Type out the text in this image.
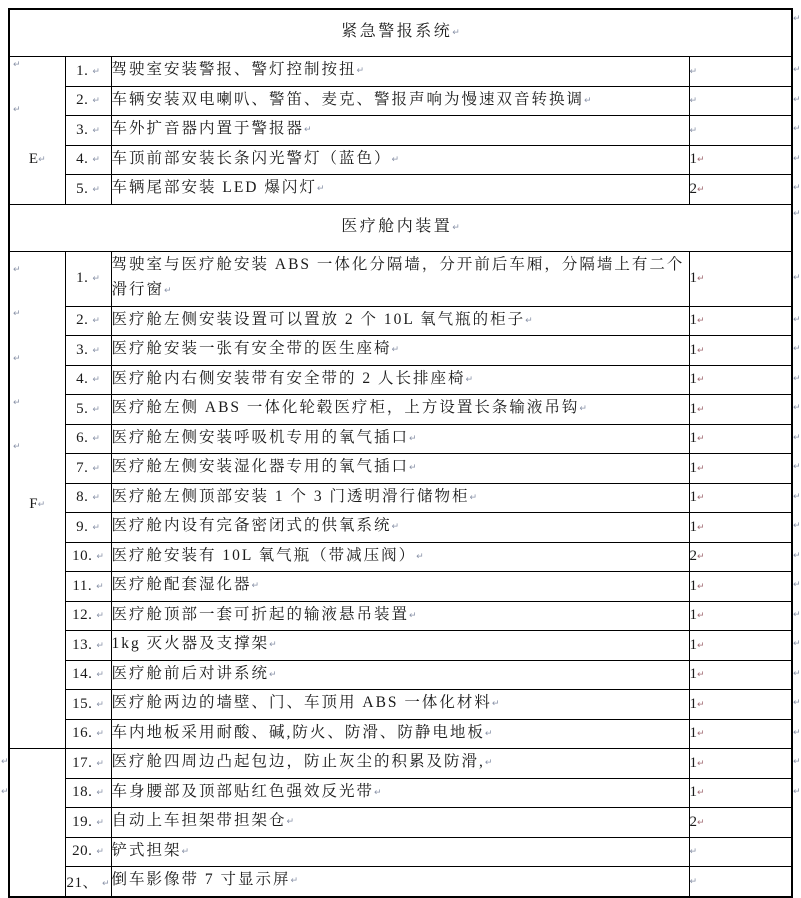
紧急警报系统↵			

↵
↵
E↵	1. ↵	驾驶室安装警报、警灯控制按扭↵	↵
	2. ↵	车辆安装双电喇叭、警笛、麦克、警报声响为慢速双音转换调↵	↵
	3. ↵	车外扩音器内置于警报器↵	↵
	4. ↵	车顶前部安装长条闪光警灯（蓝色）↵	1↵
	5. ↵	车辆尾部安装 LED 爆闪灯↵	2↵
医疗舱内装置↵			

↵
↵
↵
↵
↵
F↵
	1. ↵	驾驶室与医疗舱安装 ABS 一体化分隔墙，分开前后车厢，分隔墙上有二个滑行窗↵	1↵
	2. ↵	医疗舱左侧安装设置可以置放 2 个 10L 氧气瓶的柜子↵	1↵
	3. ↵	医疗舱安装一张有安全带的医生座椅↵	1↵
	4. ↵	医疗舱内右侧安装带有安全带的 2 人长排座椅↵	1↵
	5. ↵	医疗舱左侧 ABS 一体化轮毂医疗柜，上方设置长条输液吊钩↵	1↵
	6. ↵	医疗舱左侧安装呼吸机专用的氧气插口↵	1↵
	7. ↵	医疗舱左侧安装湿化器专用的氧气插口↵	1↵
	8. ↵	医疗舱左侧顶部安装 1 个 3 门透明滑行储物柜↵	1↵
	9. ↵	医疗舱内设有完备密闭式的供氧系统↵	1↵
	10. ↵	医疗舱安装有 10L 氧气瓶（带减压阀）↵	2↵
	11. ↵	医疗舱配套湿化器↵	1↵
	12. ↵	医疗舱顶部一套可折起的输液悬吊装置↵	1↵
	13. ↵	1kg 灭火器及支撑架↵	1↵
	14. ↵	医疗舱前后对讲系统↵	1↵
	15. ↵	医疗舱两边的墙壁、门、车顶用 ABS 一体化材料↵	1↵
	16. ↵	车内地板采用耐酸、碱,防火、防滑、防静电地板↵	1↵
	17. ↵	医疗舱四周边凸起包边，防止灰尘的积累及防滑,↵	1↵
	18. ↵	车身腰部及顶部贴红色强效反光带↵	1↵
	19. ↵	自动上车担架带担架仓↵	2↵
	20. ↵	铲式担架↵	↵
	21、 ↵	倒车影像带 7 寸显示屏↵	↵
↵
↵
↵
↵
↵
↵
↵
↵
↵
↵
↵
↵
↵
↵
↵
↵
↵
↵
↵
↵
↵
↵
↵
↵
↵
↵
↵
